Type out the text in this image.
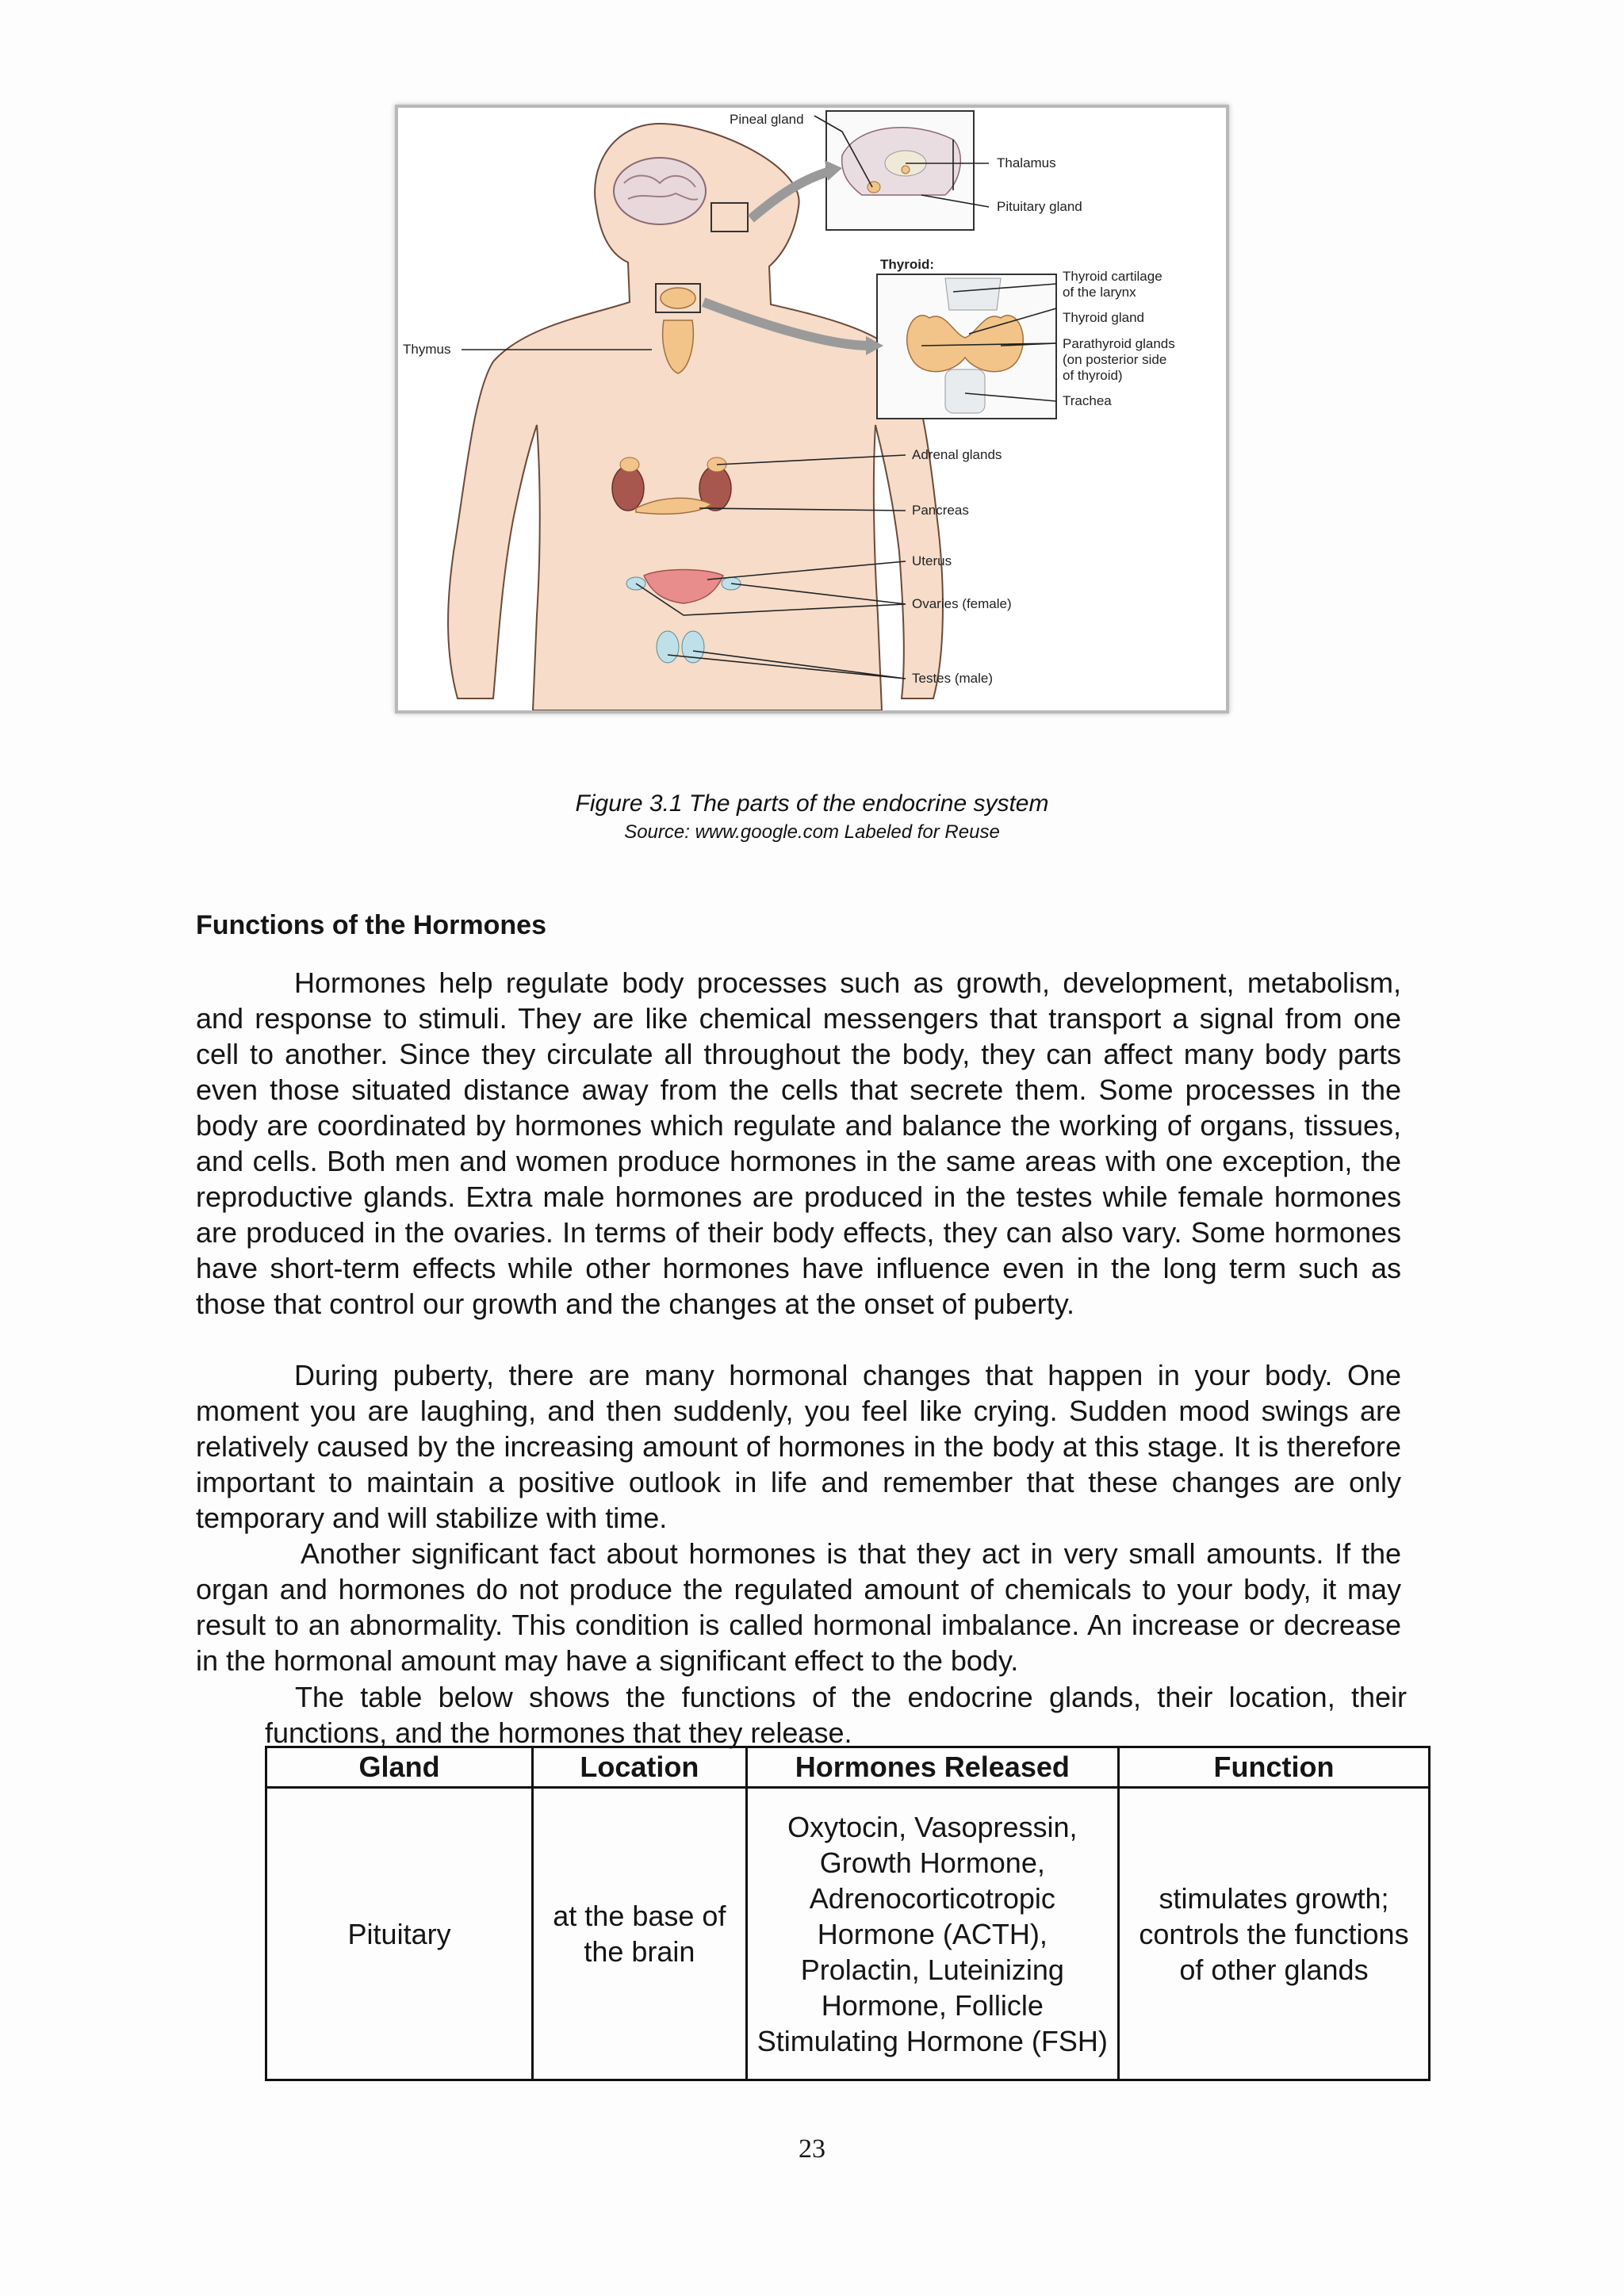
Pineal gland
Thalamus
Pituitary gland
Thyroid:
Thyroid cartilage
of the larynx
Thyroid gland
Parathyroid glands
(on posterior side
of thyroid)
Trachea
Thymus
Adrenal glands
Pancreas
Uterus
Ovaries (female)
Testes (male)
Figure 3.1 The parts of the endocrine system
Source: www.google.com Labeled for Reuse
Functions of the Hormones

Hormones help regulate body processes such as growth, development, metabolism, and response to stimuli. They are like chemical messengers that transport a signal from one cell to another. Since they circulate all throughout the body, they can affect many body parts even those situated distance away from the cells that secrete them. Some processes in the body are coordinated by hormones which regulate and balance the working of organs, tissues, and cells. Both men and women produce hormones in the same areas with one exception, the reproductive glands. Extra male hormones are produced in the testes while female hormones are produced in the ovaries. In terms of their body effects, they can also vary. Some hormones have short-term effects while other hormones have influence even in the long term such as those that control our growth and the changes at the onset of puberty.

During puberty, there are many hormonal changes that happen in your body. One moment you are laughing, and then suddenly, you feel like crying. Sudden mood swings are relatively caused by the increasing amount of hormones in the body at this stage. It is therefore important to maintain a positive outlook in life and remember that these changes are only temporary and will stabilize with time.

Another significant fact about hormones is that they act in very small amounts. If the organ and hormones do not produce the regulated amount of chemicals to your body, it may result to an abnormality. This condition is called hormonal imbalance. An increase or decrease in the hormonal amount may have a significant effect to the body.

The table below shows the functions of the endocrine glands, their location, their functions, and the hormones that they release.

Gland	Location	Hormones Released	Function
Pituitary	at the base of the brain	Oxytocin, Vasopressin, Growth Hormone, Adrenocorticotropic Hormone (ACTH), Prolactin, Luteinizing Hormone, Follicle Stimulating Hormone (FSH)	stimulates growth; controls the functions of other glands
23
